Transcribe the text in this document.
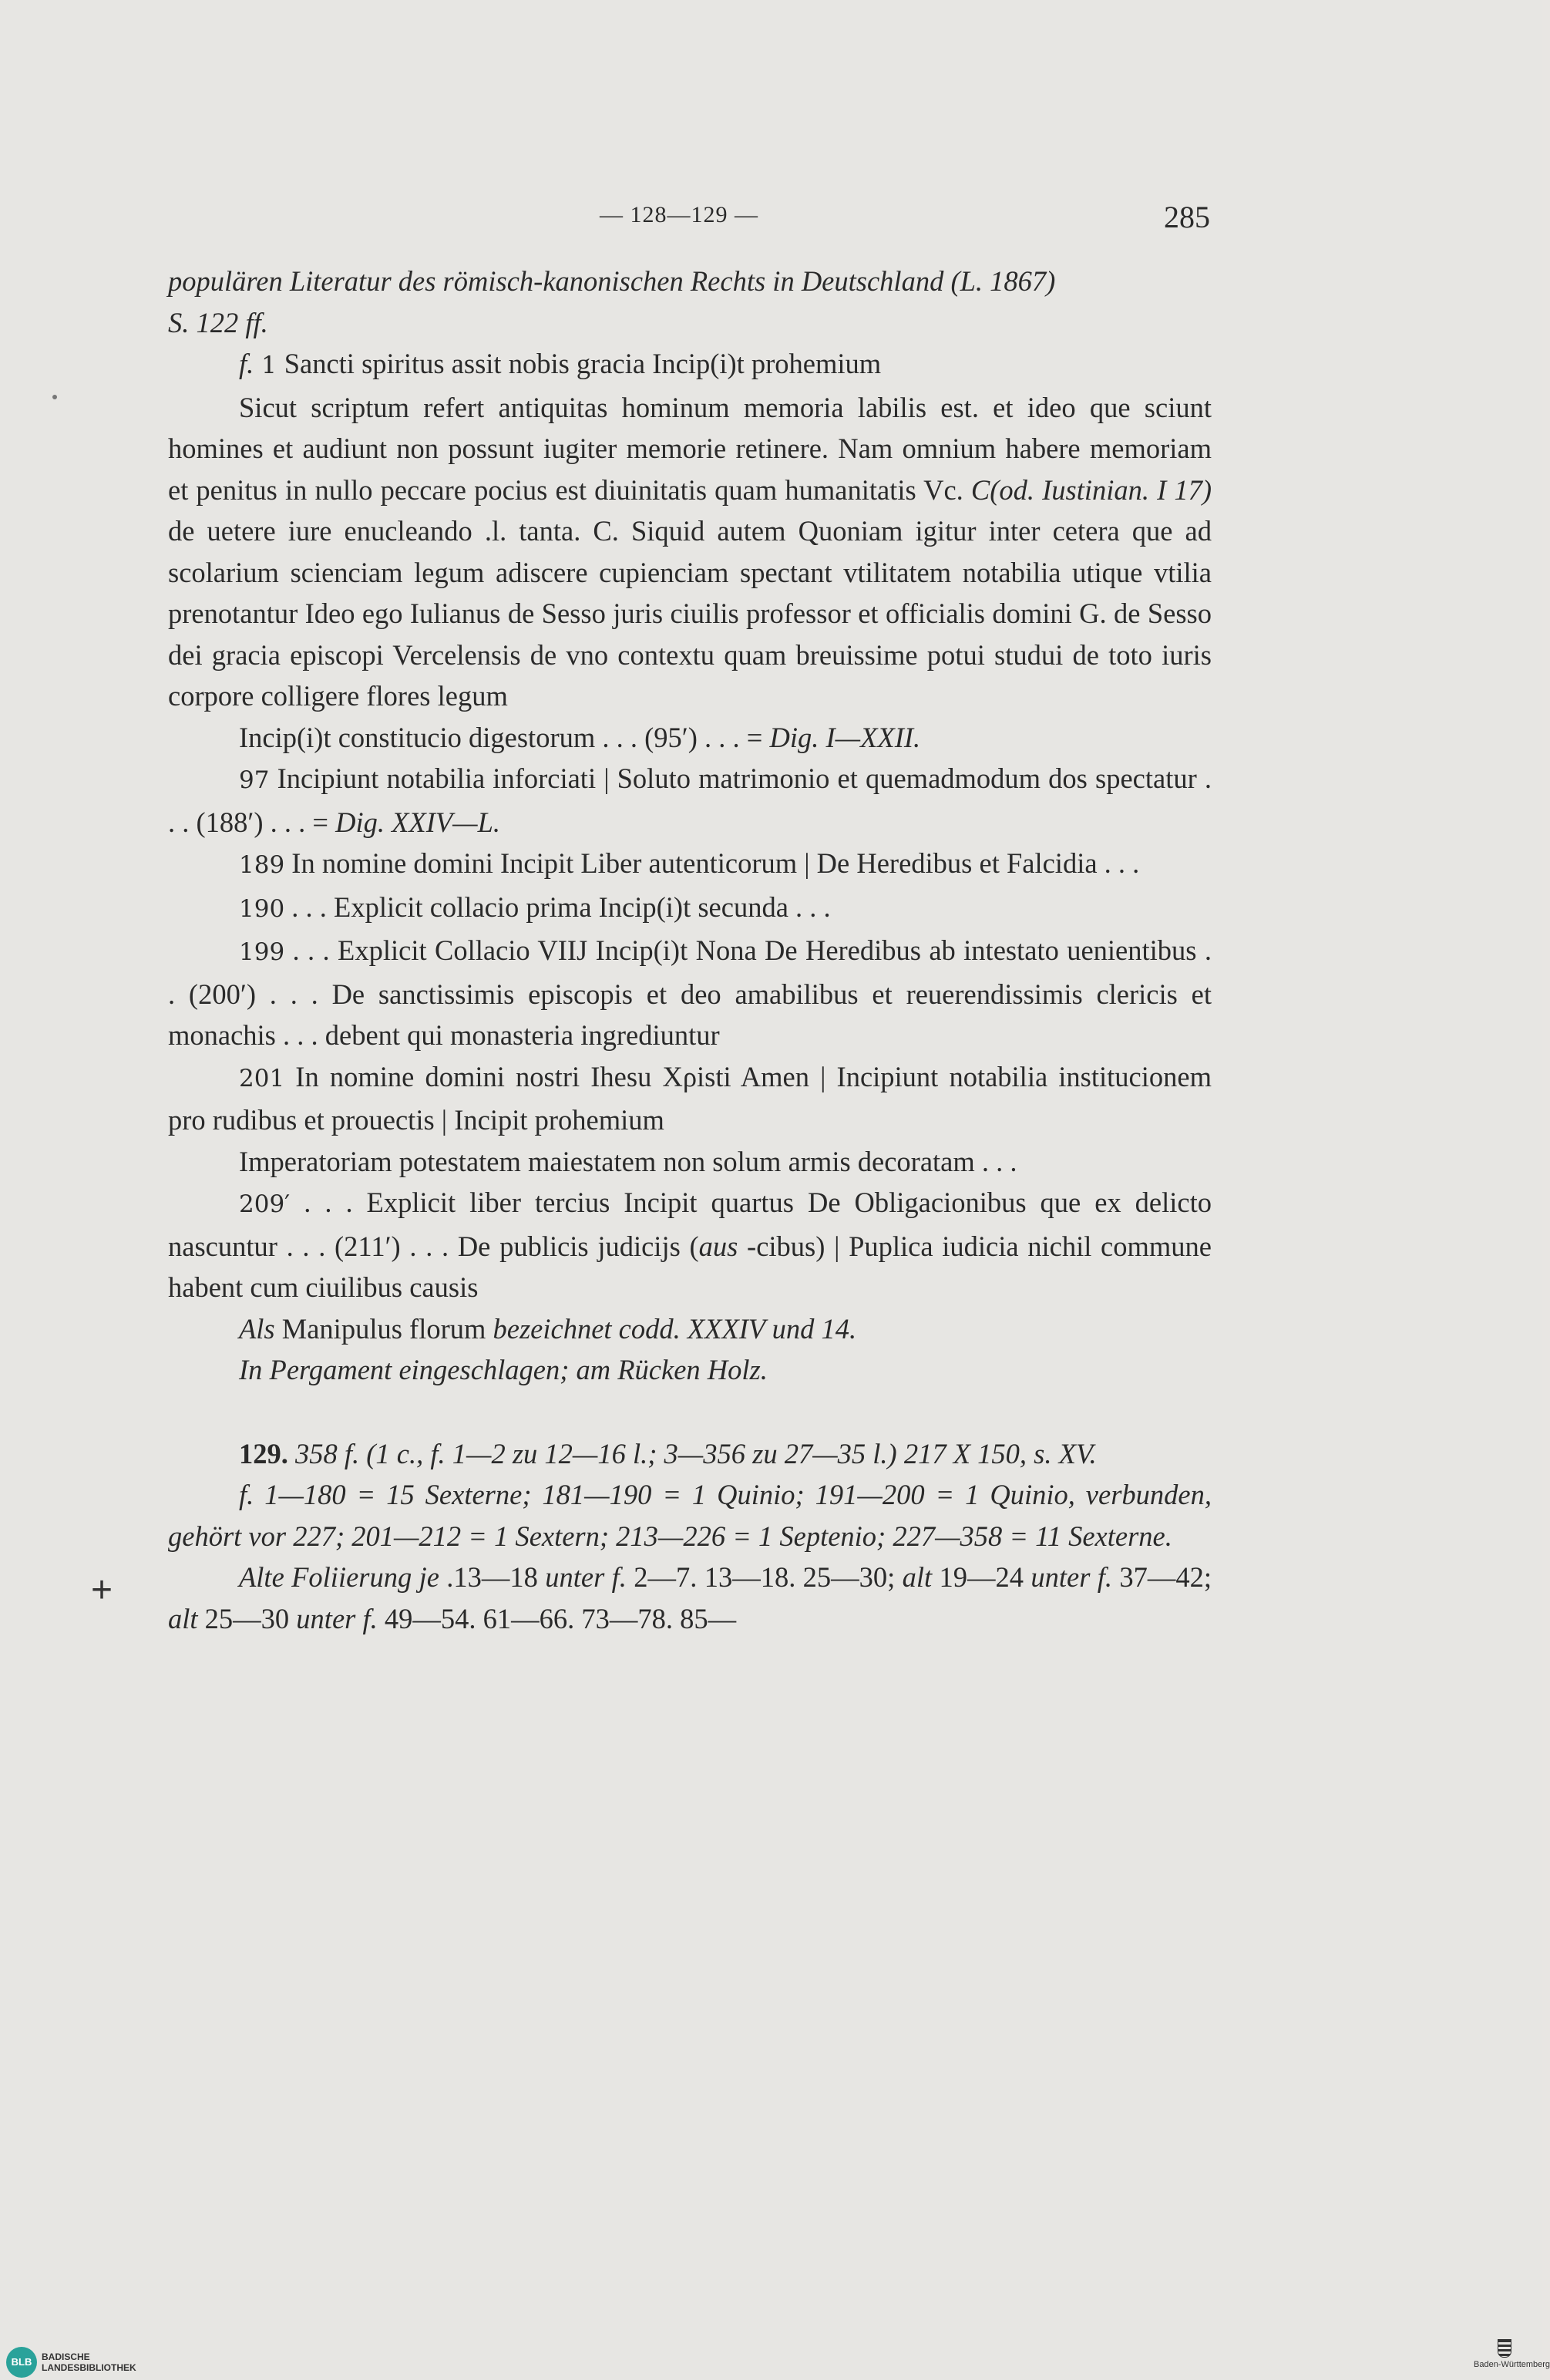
— 128—129 —	285

populären Literatur des römisch-kanonischen Rechts in Deutschland (L. 1867)

S. 122 ff.

f. 1 Sancti spiritus assit nobis gracia Incip(i)t prohemium

Sicut scriptum refert antiquitas hominum memoria labilis est. et ideo que sciunt homines et audiunt non possunt iugiter memorie retinere. Nam omnium habere memoriam et penitus in nullo peccare pocius est diuinitatis quam humanitatis Vc. C(od. Iustinian. I 17) de uetere iure enucleando .l. tanta. C. Siquid autem Quoniam igitur inter cetera que ad scolarium scienciam legum adiscere cupienciam spectant vtilitatem notabilia utique vtilia prenotantur Ideo ego Iulianus de Sesso juris ciuilis professor et officialis domini G. de Sesso dei gracia episcopi Vercelensis de vno contextu quam breuissime potui studui de toto iuris corpore colligere flores legum

Incip(i)t constitucio digestorum . . . (95′) . . . = Dig. I—XXII.

97 Incipiunt notabilia inforciati | Soluto matrimonio et quemadmodum dos spectatur . . . (188′) . . . = Dig. XXIV—L.

189 In nomine domini Incipit Liber autenticorum | De Heredibus et Falcidia . . .

190 . . . Explicit collacio prima Incip(i)t secunda . . .

199 . . . Explicit Collacio VIIJ Incip(i)t Nona De Heredibus ab intestato uenientibus . . (200′) . . . De sanctissimis episcopis et deo amabilibus et reuerendissimis clericis et monachis . . . debent qui monasteria ingrediuntur

201 In nomine domini nostri Ihesu Χρisti Amen | Incipiunt notabilia institucionem pro rudibus et prouectis | Incipit prohemium

Imperatoriam potestatem maiestatem non solum armis decoratam . . .

209′ . . . Explicit liber tercius Incipit quartus De Obligacionibus que ex delicto nascuntur . . . (211′) . . . De publicis judicijs (aus -cibus) | Puplica iudicia nichil commune habent cum ciuilibus causis

Als Manipulus florum bezeichnet codd. XXXIV und 14.

In Pergament eingeschlagen; am Rücken Holz.

129. 358 f. (1 c., f. 1—2 zu 12—16 l.; 3—356 zu 27—35 l.) 217 X 150, s. XV.

f. 1—180 = 15 Sexterne; 181—190 = 1 Quinio; 191—200 = 1 Quinio, verbunden, gehört vor 227; 201—212 = 1 Sextern; 213—226 = 1 Septenio; 227—358 = 11 Sexterne.

Alte Foliierung je .13—18 unter f. 2—7. 13—18. 25—30; alt 19—24 unter f. 37—42; alt 25—30 unter f. 49—54. 61—66. 73—78. 85—

+
BLB	BADISCHE
LANDESBIBLIOTHEK	Baden-Württemberg
